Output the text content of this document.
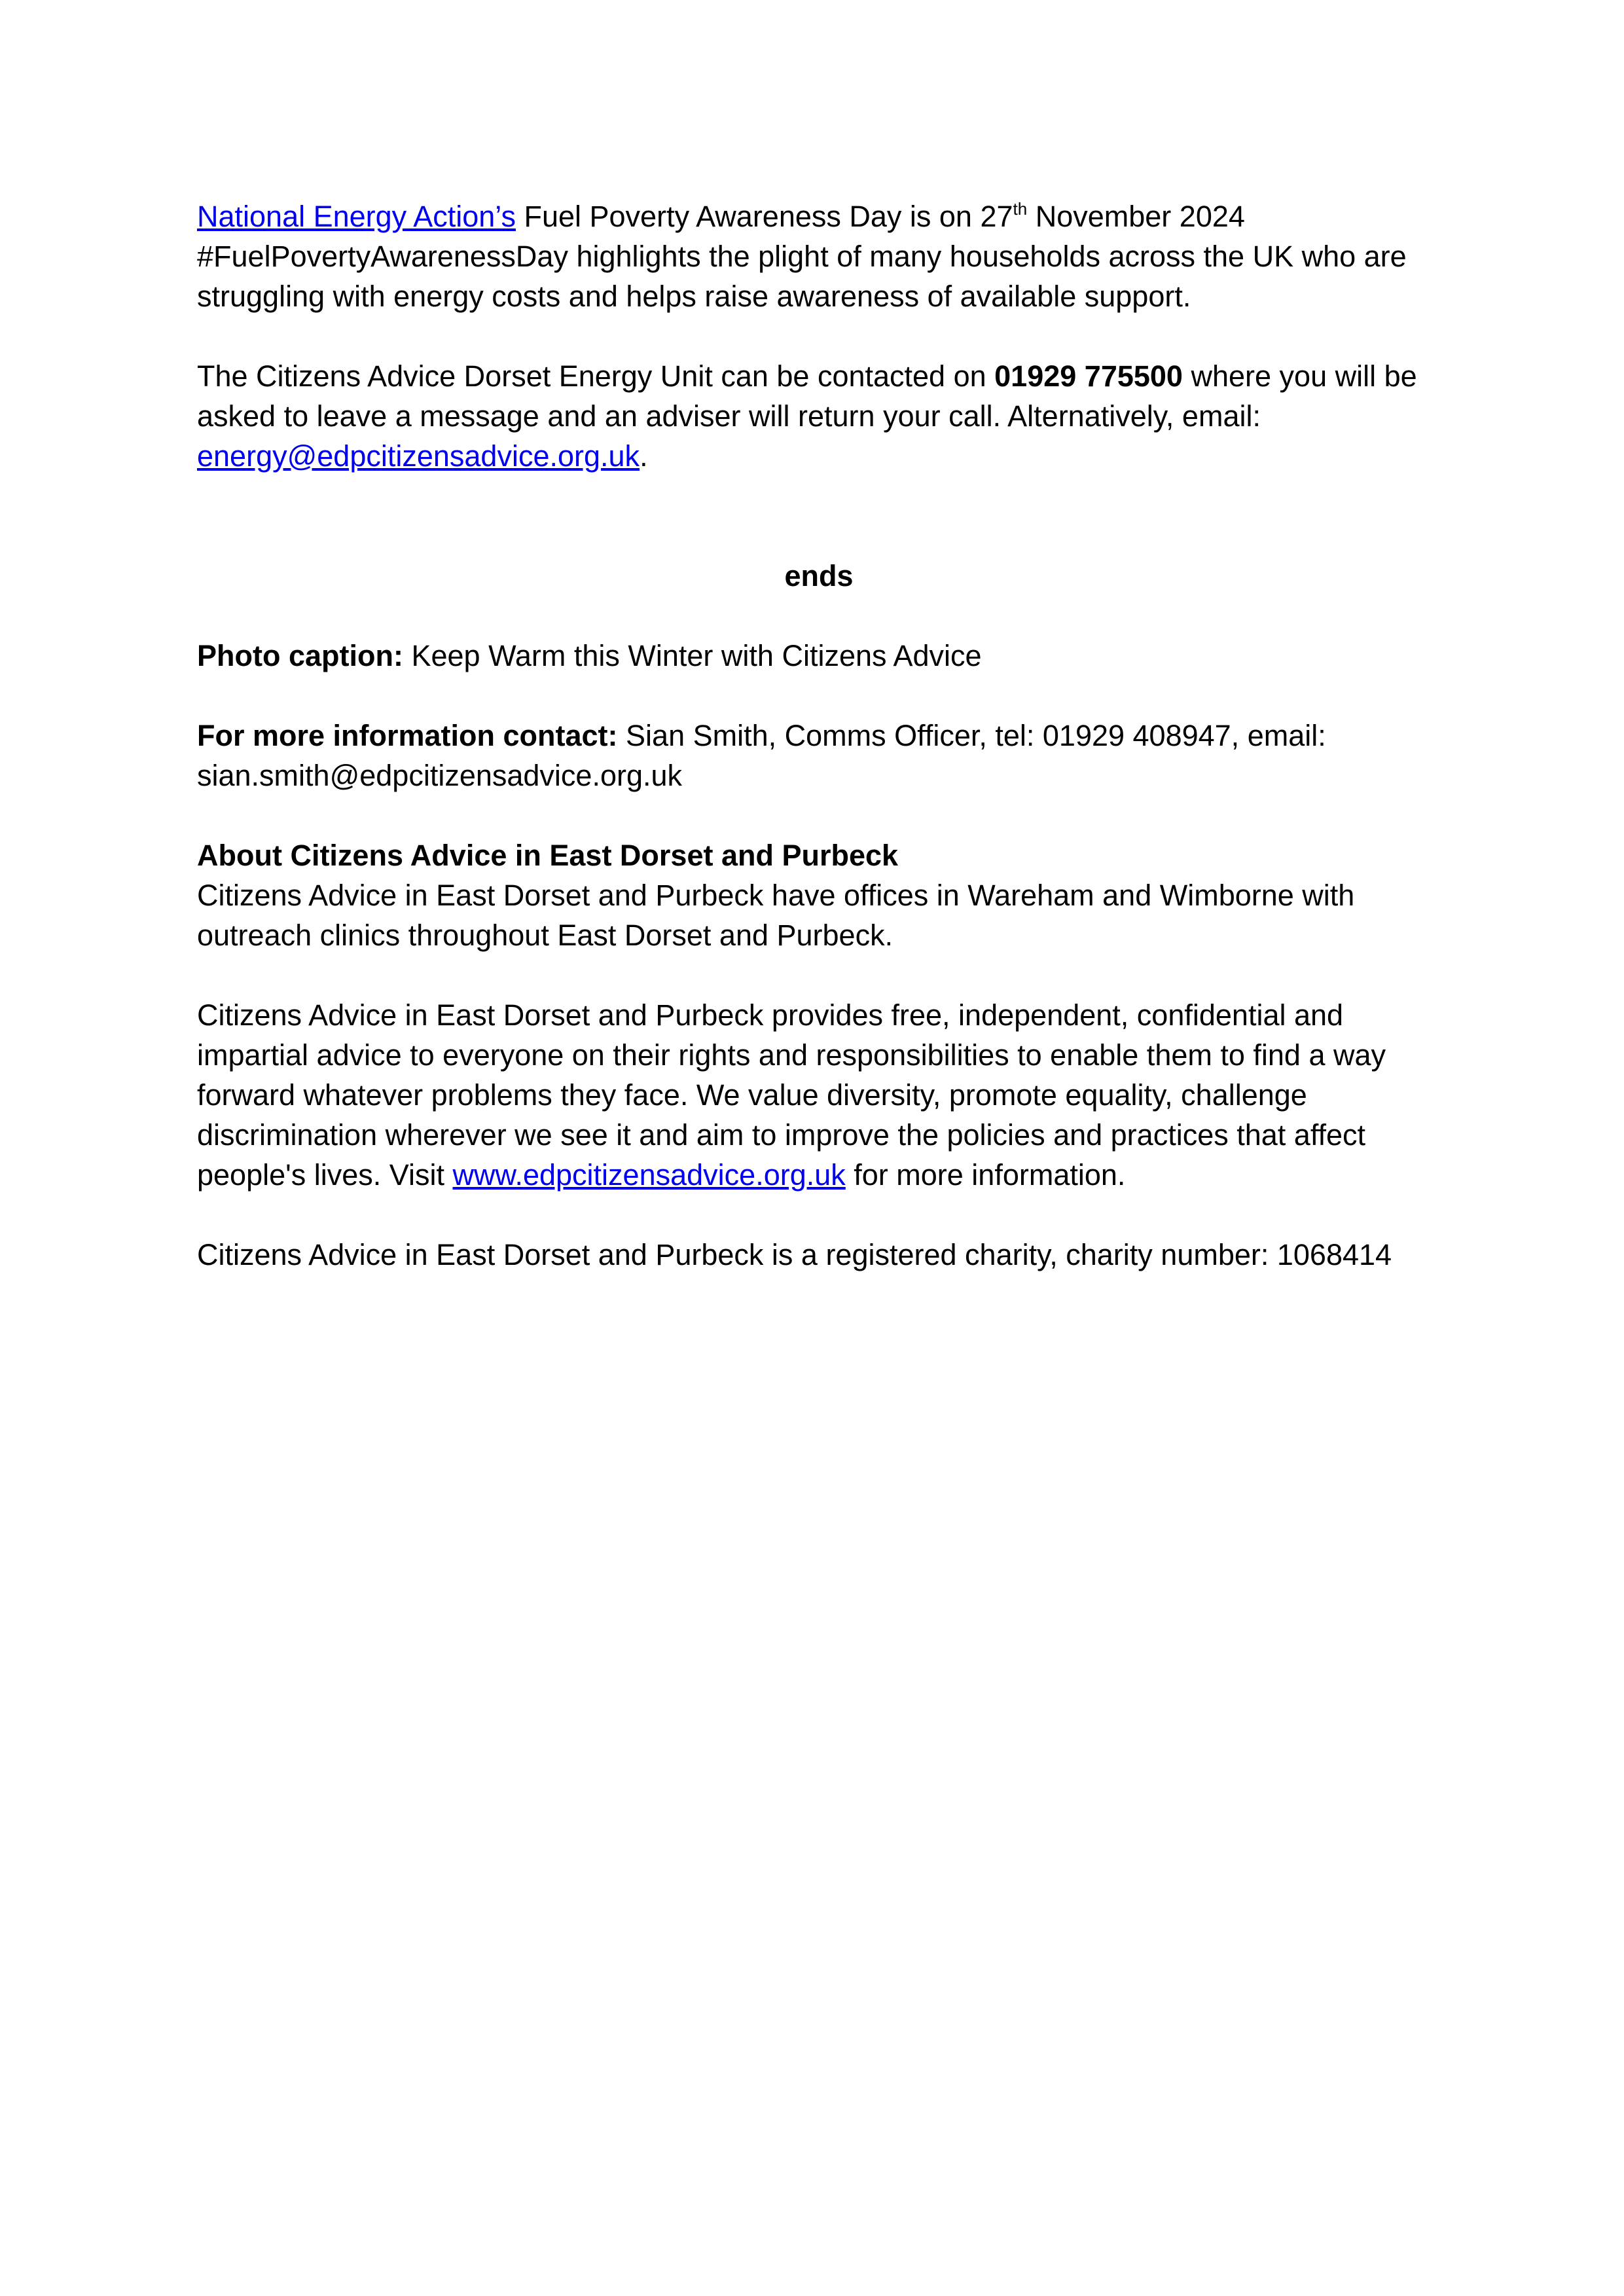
National Energy Action’s Fuel Poverty Awareness Day is on 27th November 2024
#FuelPovertyAwarenessDay highlights the plight of many households across the UK who are struggling with energy costs and helps raise awareness of available support.

The Citizens Advice Dorset Energy Unit can be contacted on 01929 775500 where you will be asked to leave a message and an adviser will return your call. Alternatively, email: energy@edpcitizensadvice.org.uk.

ends

Photo caption: Keep Warm this Winter with Citizens Advice

For more information contact: Sian Smith, Comms Officer, tel: 01929 408947, email: sian.smith@edpcitizensadvice.org.uk

About Citizens Advice in East Dorset and Purbeck

Citizens Advice in East Dorset and Purbeck have offices in Wareham and Wimborne with outreach clinics throughout East Dorset and Purbeck.

Citizens Advice in East Dorset and Purbeck provides free, independent, confidential and impartial advice to everyone on their rights and responsibilities to enable them to find a way forward whatever problems they face. We value diversity, promote equality, challenge discrimination wherever we see it and aim to improve the policies and practices that affect people's lives. Visit www.edpcitizensadvice.org.uk for more information.

Citizens Advice in East Dorset and Purbeck is a registered charity, charity number: 1068414
